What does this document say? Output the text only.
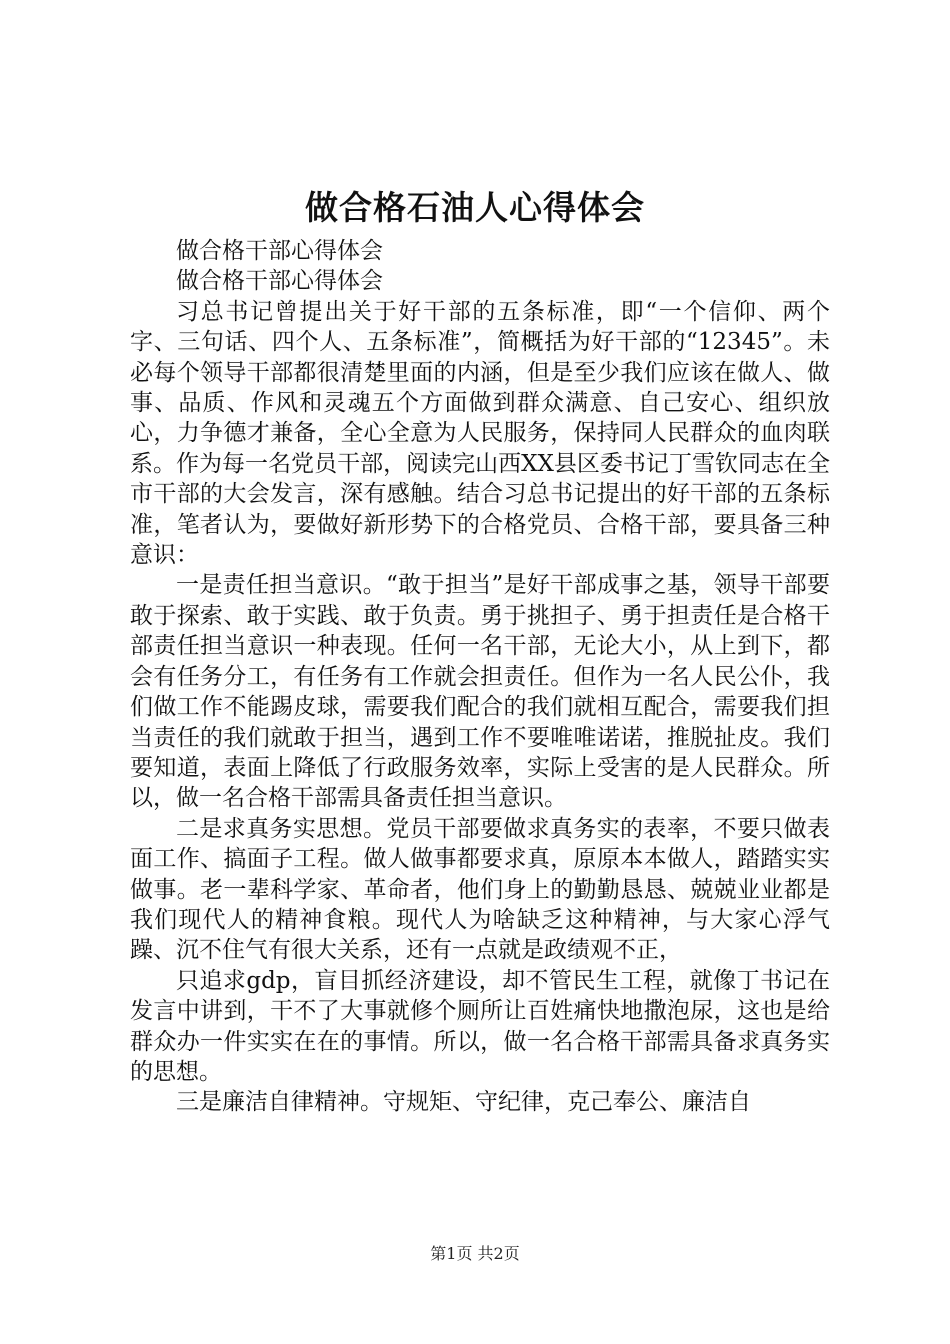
做合格石油人心得体会

做合格干部心得体会

做合格干部心得体会

习总书记曾提出关于好干部的五条标准，即“一个信仰、两个字、三句话、四个人、五条标准”，简概括为好干部的“12345”。未必每个领导干部都很清楚里面的内涵，但是至少我们应该在做人、做事、品质、作风和灵魂五个方面做到群众满意、自己安心、组织放心，力争德才兼备，全心全意为人民服务，保持同人民群众的血肉联系。作为每一名党员干部，阅读完山西XX县区委书记丁雪钦同志在全市干部的大会发言，深有感触。结合习总书记提出的好干部的五条标准，笔者认为，要做好新形势下的合格党员、合格干部，要具备三种意识：

一是责任担当意识。“敢于担当”是好干部成事之基，领导干部要敢于探索、敢于实践、敢于负责。勇于挑担子、勇于担责任是合格干部责任担当意识一种表现。任何一名干部，无论大小，从上到下，都会有任务分工，有任务有工作就会担责任。但作为一名人民公仆，我们做工作不能踢皮球，需要我们配合的我们就相互配合，需要我们担当责任的我们就敢于担当，遇到工作不要唯唯诺诺，推脱扯皮。我们要知道，表面上降低了行政服务效率，实际上受害的是人民群众。所以，做一名合格干部需具备责任担当意识。

二是求真务实思想。党员干部要做求真务实的表率，不要只做表面工作、搞面子工程。做人做事都要求真，原原本本做人，踏踏实实做事。老一辈科学家、革命者，他们身上的勤勤恳恳、兢兢业业都是我们现代人的精神食粮。现代人为啥缺乏这种精神，与大家心浮气躁、沉不住气有很大关系，还有一点就是政绩观不正，

只追求gdp，盲目抓经济建设，却不管民生工程，就像丁书记在发言中讲到，干不了大事就修个厕所让百姓痛快地撒泡尿，这也是给群众办一件实实在在的事情。所以，做一名合格干部需具备求真务实的思想。

三是廉洁自律精神。守规矩、守纪律，克己奉公、廉洁自

第1页 共2页
